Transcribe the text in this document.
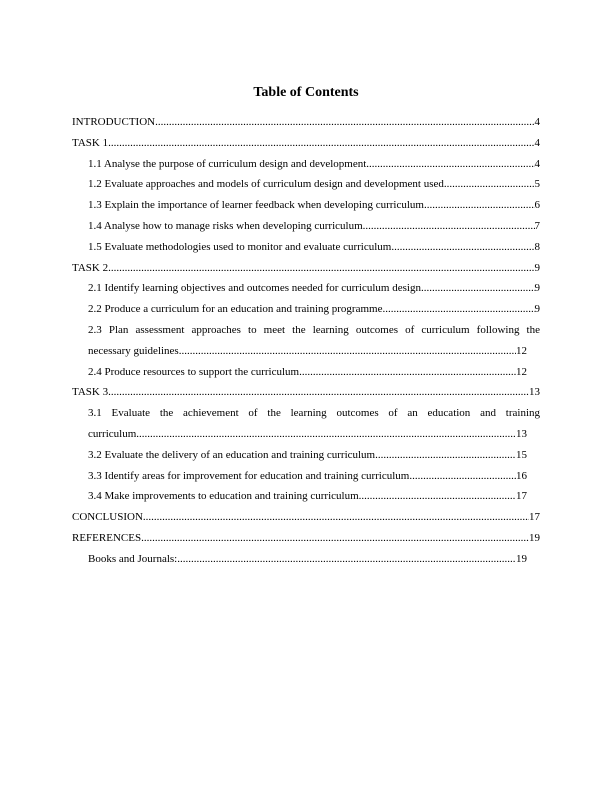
Table of Contents
INTRODUCTION .....	4
TASK 1 .....	4
1.1 Analyse the purpose of curriculum design and development .....	4
1.2 Evaluate approaches and models of curriculum design and development used .....	5
1.3 Explain the importance of learner feedback when developing curriculum .....	6
1.4 Analyse how to manage risks when developing curriculum .....	7
1.5 Evaluate methodologies used to monitor and evaluate curriculum .....	8
TASK 2 .....	9
2.1 Identify learning objectives and outcomes needed for curriculum design .....	9
2.2 Produce a curriculum for an education and training programme .....	9
2.3 Plan assessment approaches to meet the learning outcomes of curriculum following the
necessary guidelines .....	12
2.4 Produce resources to support the curriculum .....	12
TASK 3 .....	13
3.1 Evaluate the achievement of the learning outcomes of an education and training
curriculum .....	13
3.2 Evaluate the delivery of an education and training curriculum .....	15
3.3 Identify areas for improvement for education and training curriculum .....	16
3.4 Make improvements to education and training curriculum .....	17
CONCLUSION .....	17
REFERENCES .....	19
Books and Journals: .....	19
